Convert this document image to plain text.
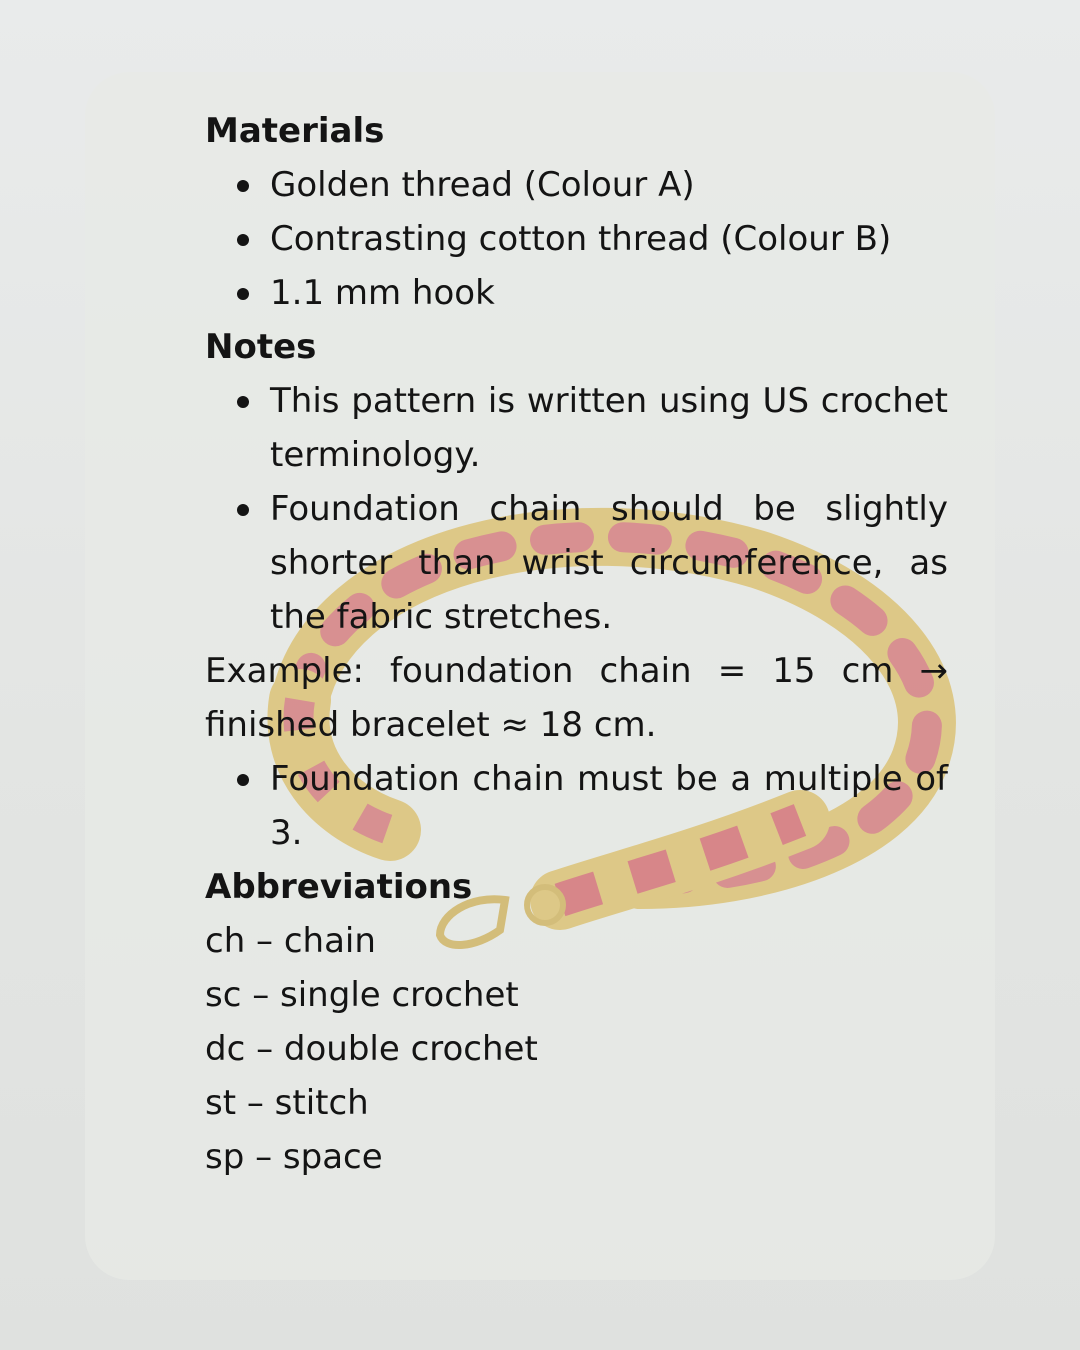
Materials
Golden thread (Colour A)
Contrasting cotton thread (Colour B)
1.1 mm hook
Notes
This pattern is written using US crochet terminology.
Foundation chain should be slightly shorter than wrist circumference, as the fabric stretches.
Example: foundation chain = 15 cm → finished bracelet ≈ 18 cm.
Foundation chain must be a multiple of 3.
Abbreviations
ch – chain
sc – single crochet
dc – double crochet
st – stitch
sp – space
